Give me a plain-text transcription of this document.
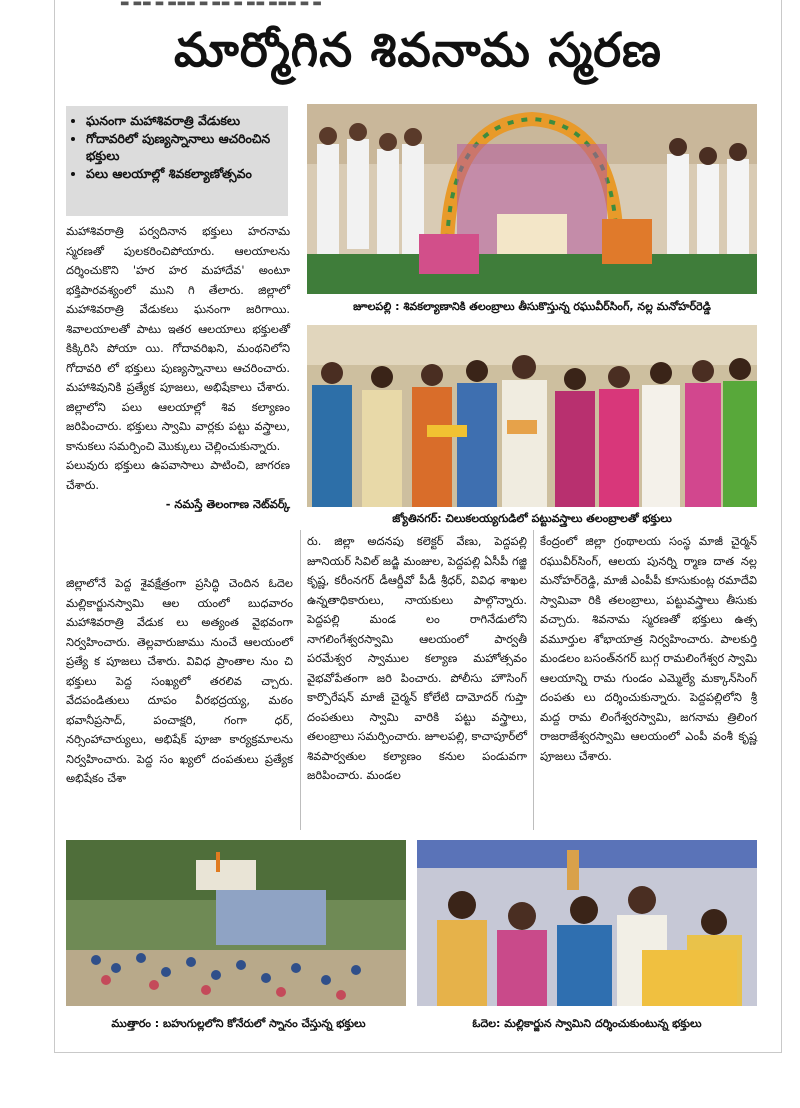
▬ ▬▬ ▬ ▬▬▬ ▬ ▬▬ ▬ ▬▬ ▬▬▬ ▬ ▬
మార్మోగిన శివనామ స్మరణ
• ఘనంగా మహాశివరాత్రి వేడుకలు
• గోదావరిలో పుణ్యస్నానాలు ఆచరించిన భక్తులు
• పలు ఆలయాల్లో శివకల్యాణోత్సవం

మహాశివరాత్రి పర్వదినాన భక్తులు హరనామ స్మరణతో పులకరించిపోయారు. ఆలయాలను దర్శించుకొని 'హర హర మహాదేవ' అంటూ భక్తిపారవశ్యంలో ముని గి తేలారు. జిల్లాలో మహాశివరాత్రి వేడుకలు ఘనంగా జరిగాయి. శివాలయాలతో పాటు ఇతర ఆలయాలు భక్తులతో కిక్కిరిసి పోయా యి. గోదావరిఖని, మంథనిలోని గోదావరి లో భక్తులు పుణ్యస్నానాలు ఆచరించారు. మహాశివునికి ప్రత్యేక పూజలు, అభిషేకాలు చేశారు. జిల్లాలోని పలు ఆలయాల్లో శివ కల్యాణం జరిపించారు. భక్తులు స్వామి వార్లకు పట్టు వస్త్రాలు, కానుకలు సమర్పించి మొక్కులు చెల్లించుకున్నారు.

పలువురు భక్తులు ఉపవాసాలు పాటించి, జాగరణ చేశారు.

- నమస్తే తెలంగాణ నెట్‌వర్క్

జూలపల్లి : శివకల్యాణానికి తలంబ్రాలు తీసుకొస్తున్న రఘువీర్‌సింగ్, నల్ల మనోహర్‌రెడ్డి
జ్యోతినగర్: చిలుకలయ్యగుడిలో పట్టువస్త్రాలు తలంబ్రాలతో భక్తులు
జిల్లాలోనే పెద్ద శైవక్షేత్రంగా ప్రసిద్ధి చెందిన ఓదెల మల్లికార్జునస్వామి ఆల యంలో బుధవారం మహాశివరాత్రి వేడుక లు అత్యంత వైభవంగా నిర్వహించారు. తెల్లవారుజాము నుంచే ఆలయంలో ప్రత్యే క పూజలు చేశారు. వివిధ ప్రాంతాల నుం చి భక్తులు పెద్ద సంఖ్యలో తరలివ చ్చారు. వేదపండితులు దూపం వీరభద్రయ్య, మఠం భవానీప్రసాద్, పంచాక్షరి, గంగా ధర్, నర్సింహాచార్యులు, అభిషేక్ పూజా కార్యక్రమాలను నిర్వహించారు. పెద్ద సం ఖ్యలో దంపతులు ప్రత్యేక అభిషేకం చేశా
రు. జిల్లా అదనపు కలెక్టర్ వేణు, పెద్దపల్లి జూనియర్ సివిల్ జడ్జి మంజుల, పెద్దపల్లి ఏసీపీ గజ్జి కృష్ణ, కరీంనగర్ డీఆర్డీవో పీడీ శ్రీధర్, వివిధ శాఖల ఉన్నతాధికారులు, నాయకులు పాల్గొన్నారు. పెద్దపల్లి మండ లం రాగినేడులోని నాగలింగేశ్వరస్వామి ఆలయంలో పార్వతీ పరమేశ్వర స్వాముల కల్యాణ మహోత్సవం వైభవోపేతంగా జరి పించారు. పోలీసు హౌసింగ్ కార్పొరేషన్ మాజీ చైర్మన్ కోలేటి దామోదర్ గుప్తా దంపతులు స్వామి వారికి పట్టు వస్త్రాలు, తలంబ్రాలు సమర్పించారు. జూలపల్లి, కాచాపూర్‌లో శివపార్వతుల కల్యాణం కనుల పండువగా జరిపించారు. మండల
కేంద్రంలో జిల్లా గ్రంథాలయ సంస్థ మాజీ చైర్మన్ రఘువీర్‌సింగ్, ఆలయ పునర్ని ర్మాణ దాత నల్ల మనోహర్‌రెడ్డి, మాజీ ఎంపీపీ కూసుకుంట్ల రమాదేవి స్వామివా రికి తలంబ్రాలు, పట్టువస్త్రాలు తీసుకు వచ్చారు. శివనామ స్మరణతో భక్తులు ఉత్స వమూర్తుల శోభాయాత్ర నిర్వహించారు. పాలకుర్తి మండలం బసంత్‌నగర్ బుగ్గ రామలింగేశ్వర స్వామి ఆలయాన్ని రామ గుండం ఎమ్మెల్యే మక్కాన్‌సింగ్ దంపతు లు దర్శించుకున్నారు. పెద్దపల్లిలోని శ్రీ మద్ద రామ లింగేశ్వరస్వామి, జగనామ త్రిలింగ రాజరాజేశ్వరస్వామి ఆలయంలో ఎంపీ వంశీ కృష్ణ పూజలు చేశారు.
ముత్తారం : బహుగుల్లలోని కోనేరులో స్నానం చేస్తున్న భక్తులు	ఓదెల: మల్లికార్జున స్వామిని దర్శించుకుంటున్న భక్తులు
